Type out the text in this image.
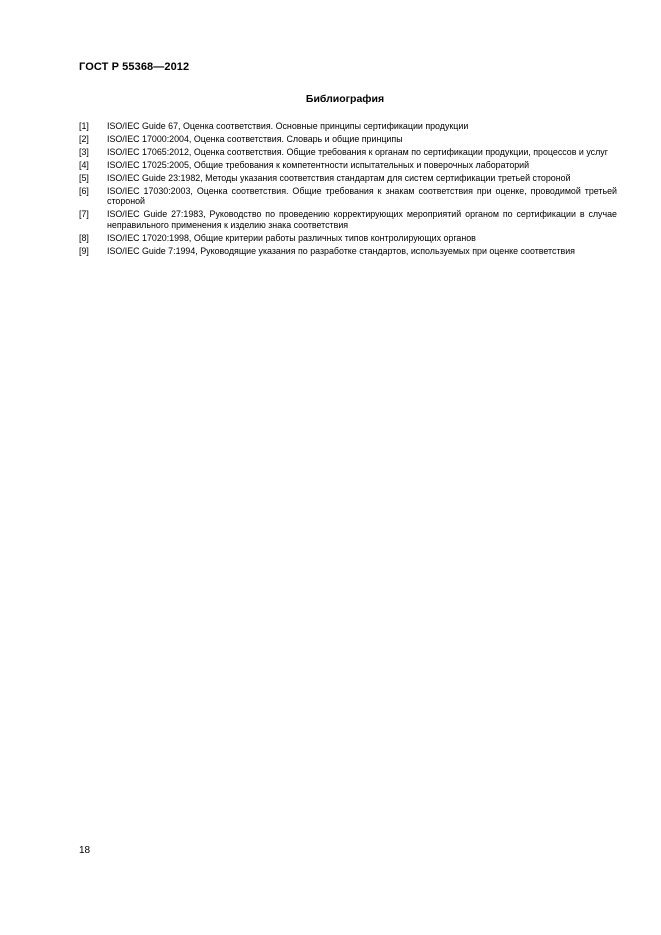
ГОСТ Р 55368—2012

Библиография
[1]	ISO/IEC Guide 67, Оценка соответствия. Основные принципы сертификации продукции
[2]	ISO/IEC 17000:2004, Оценка соответствия. Словарь и общие принципы
[3]	ISO/IEC 17065:2012, Оценка соответствия. Общие требования к органам по сертификации продукции, процессов и услуг
[4]	ISO/IEC 17025:2005, Общие требования к компетентности испытательных и поверочных лабораторий
[5]	ISO/IEC Guide 23:1982, Методы указания соответствия стандартам для систем сертификации третьей стороной
[6]	ISO/IEC 17030:2003, Оценка соответствия. Общие требования к знакам соответствия при оценке, проводимой третьей стороной
[7]	ISO/IEC Guide 27:1983, Руководство по проведению корректирующих мероприятий органом по сертификации в случае неправильного применения к изделию знака соответствия
[8]	ISO/IEC 17020:1998, Общие критерии работы различных типов контролирующих органов
[9]	ISO/IEC Guide 7:1994, Руководящие указания по разработке стандартов, используемых при оценке соответствия

18
